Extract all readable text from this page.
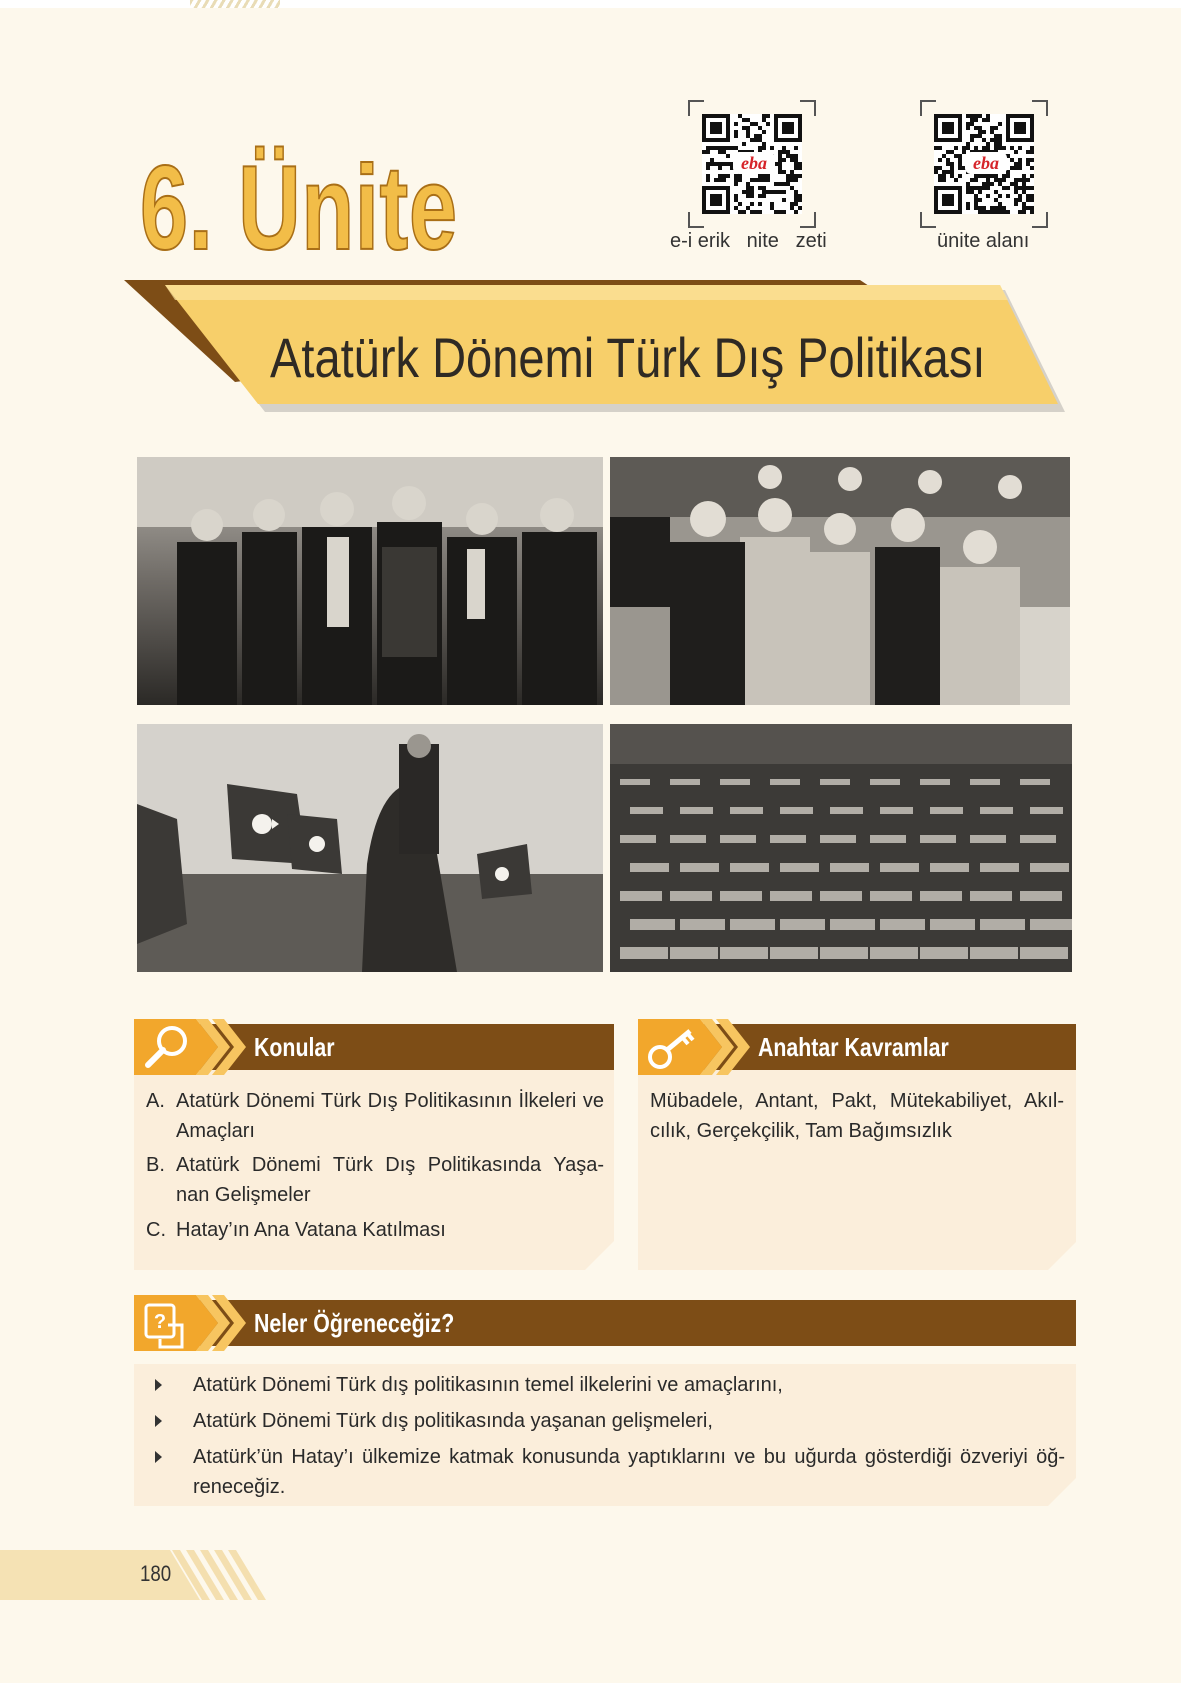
6. Ünite	eba
e-i erik   nite   zeti
eba
ünite alanı
Atatürk Dönemi Türk Dış Politikası
Konular
A. Atatürk Dönemi Türk Dış Politikasının İlkeleri ve Amaçları
B. Atatürk Dönemi Türk Dış Politikasında Yaşa- nan Gelişmeler
C. Hatay’ın Ana Vatana Katılması
Anahtar Kavramlar
Mübadele, Antant, Pakt, Mütekabiliyet, Akıl- cılık, Gerçekçilik, Tam Bağımsızlık
?	Neler Öğreneceğiz?
Atatürk Dönemi Türk dış politikasının temel ilkelerini ve amaçlarını,
Atatürk Dönemi Türk dış politikasında yaşanan gelişmeleri,
Atatürk’ün Hatay’ı ülkemize katmak konusunda yaptıklarını ve bu uğurda gösterdiği özveriyi öğ- reneceğiz.
180
